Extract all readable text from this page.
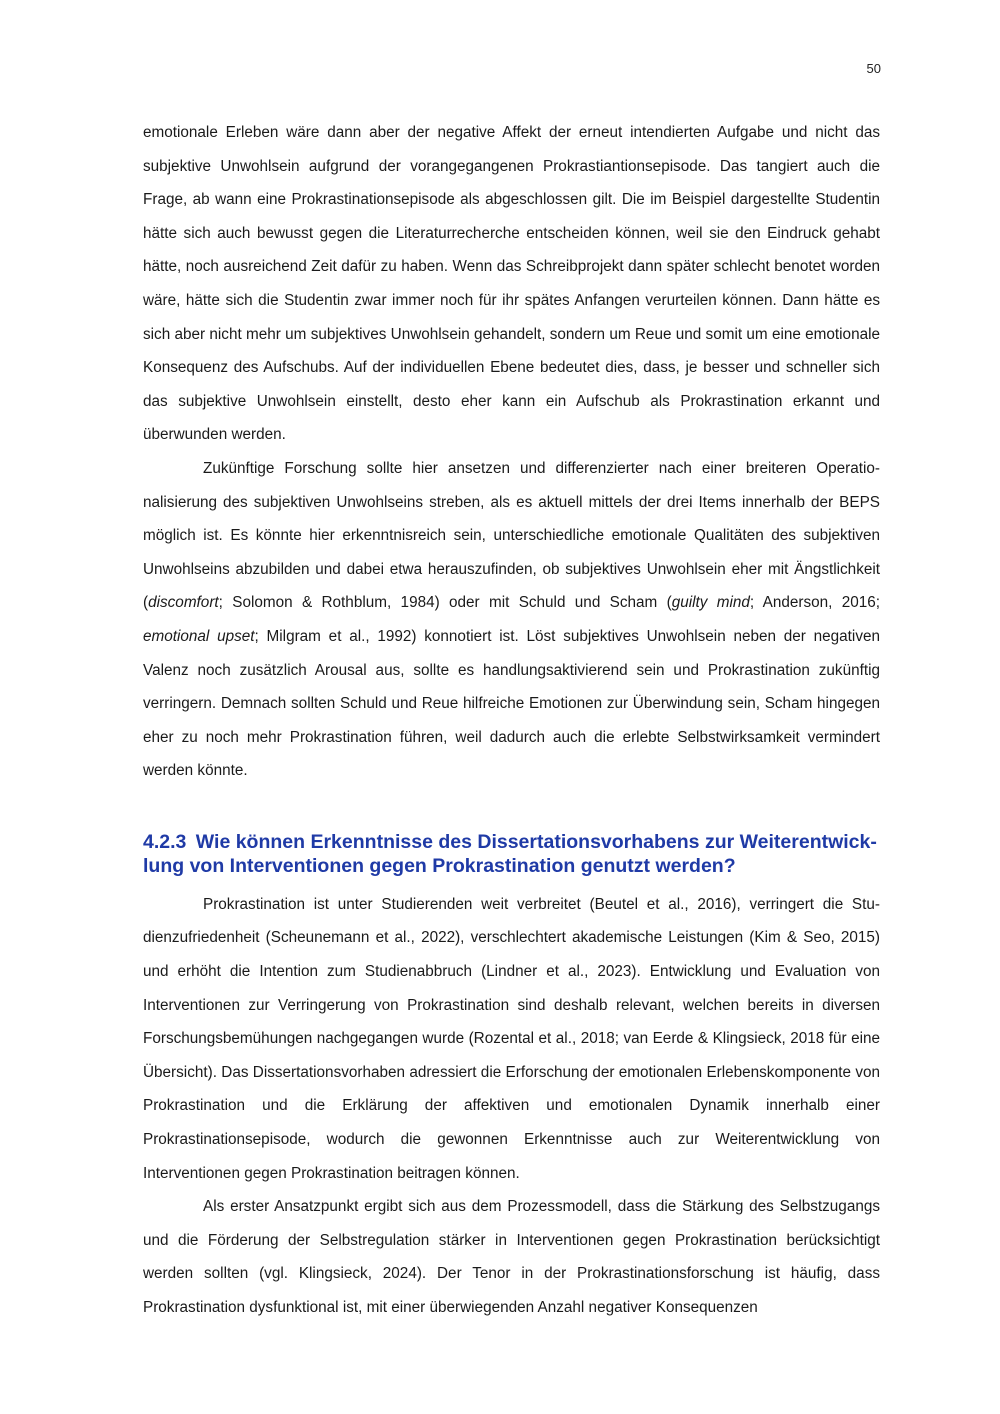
50

emotionale Erleben wäre dann aber der negative Affekt der erneut intendierten Aufgabe und nicht das subjektive Unwohlsein aufgrund der vorangegangenen Prokrastiantionsepisode. Das tangiert auch die Frage, ab wann eine Prokrastinationsepisode als abgeschlossen gilt. Die im Beispiel dargestellte Studentin hätte sich auch bewusst gegen die Literaturrecherche entscheiden können, weil sie den Eindruck gehabt hätte, noch ausreichend Zeit dafür zu haben. Wenn das Schreibprojekt dann später schlecht benotet worden wäre, hätte sich die Studentin zwar immer noch für ihr spätes Anfangen verurteilen können. Dann hätte es sich aber nicht mehr um subjektives Unwohlsein gehandelt, sondern um Reue und somit um eine emotionale Konsequenz des Aufschubs. Auf der individuellen Ebene bedeutet dies, dass, je besser und schneller sich das subjektive Unwohlsein einstellt, desto eher kann ein Aufschub als Prokrastination erkannt und überwunden werden.

Zukünftige Forschung sollte hier ansetzen und differenzierter nach einer breiteren Operationalisierung des subjektiven Unwohlseins streben, als es aktuell mittels der drei Items innerhalb der BEPS möglich ist. Es könnte hier erkenntnisreich sein, unterschiedliche emotionale Qualitäten des subjektiven Unwohlseins abzubilden und dabei etwa herauszufinden, ob subjektives Unwohlsein eher mit Ängstlichkeit (discomfort; Solomon & Rothblum, 1984) oder mit Schuld und Scham (guilty mind; Anderson, 2016; emotional upset; Milgram et al., 1992) konnotiert ist. Löst subjektives Unwohlsein neben der negativen Valenz noch zusätzlich Arousal aus, sollte es handlungsaktivierend sein und Prokrastination zukünftig verringern. Demnach sollten Schuld und Reue hilfreiche Emotionen zur Überwindung sein, Scham hingegen eher zu noch mehr Prokrastination führen, weil dadurch auch die erlebte Selbstwirksamkeit vermindert werden könnte.

4.2.3 Wie können Erkenntnisse des Dissertationsvorhabens zur Weiterentwicklung von Interventionen gegen Prokrastination genutzt werden?

Prokrastination ist unter Studierenden weit verbreitet (Beutel et al., 2016), verringert die Studienzufriedenheit (Scheunemann et al., 2022), verschlechtert akademische Leistungen (Kim & Seo, 2015) und erhöht die Intention zum Studienabbruch (Lindner et al., 2023). Entwicklung und Evaluation von Interventionen zur Verringerung von Prokrastination sind deshalb relevant, welchen bereits in diversen Forschungsbemühungen nachgegangen wurde (Rozental et al., 2018; van Eerde & Klingsieck, 2018 für eine Übersicht). Das Dissertationsvorhaben adressiert die Erforschung der emotionalen Erlebenskomponente von Prokrastination und die Erklärung der affektiven und emotionalen Dynamik innerhalb einer Prokrastinationsepisode, wodurch die gewonnen Erkenntnisse auch zur Weiterentwicklung von Interventionen gegen Prokrastination beitragen können.

Als erster Ansatzpunkt ergibt sich aus dem Prozessmodell, dass die Stärkung des Selbstzugangs und die Förderung der Selbstregulation stärker in Interventionen gegen Prokrastination berücksichtigt werden sollten (vgl. Klingsieck, 2024). Der Tenor in der Prokrastinationsforschung ist häufig, dass Prokrastination dysfunktional ist, mit einer überwiegenden Anzahl negativer Konsequenzen
